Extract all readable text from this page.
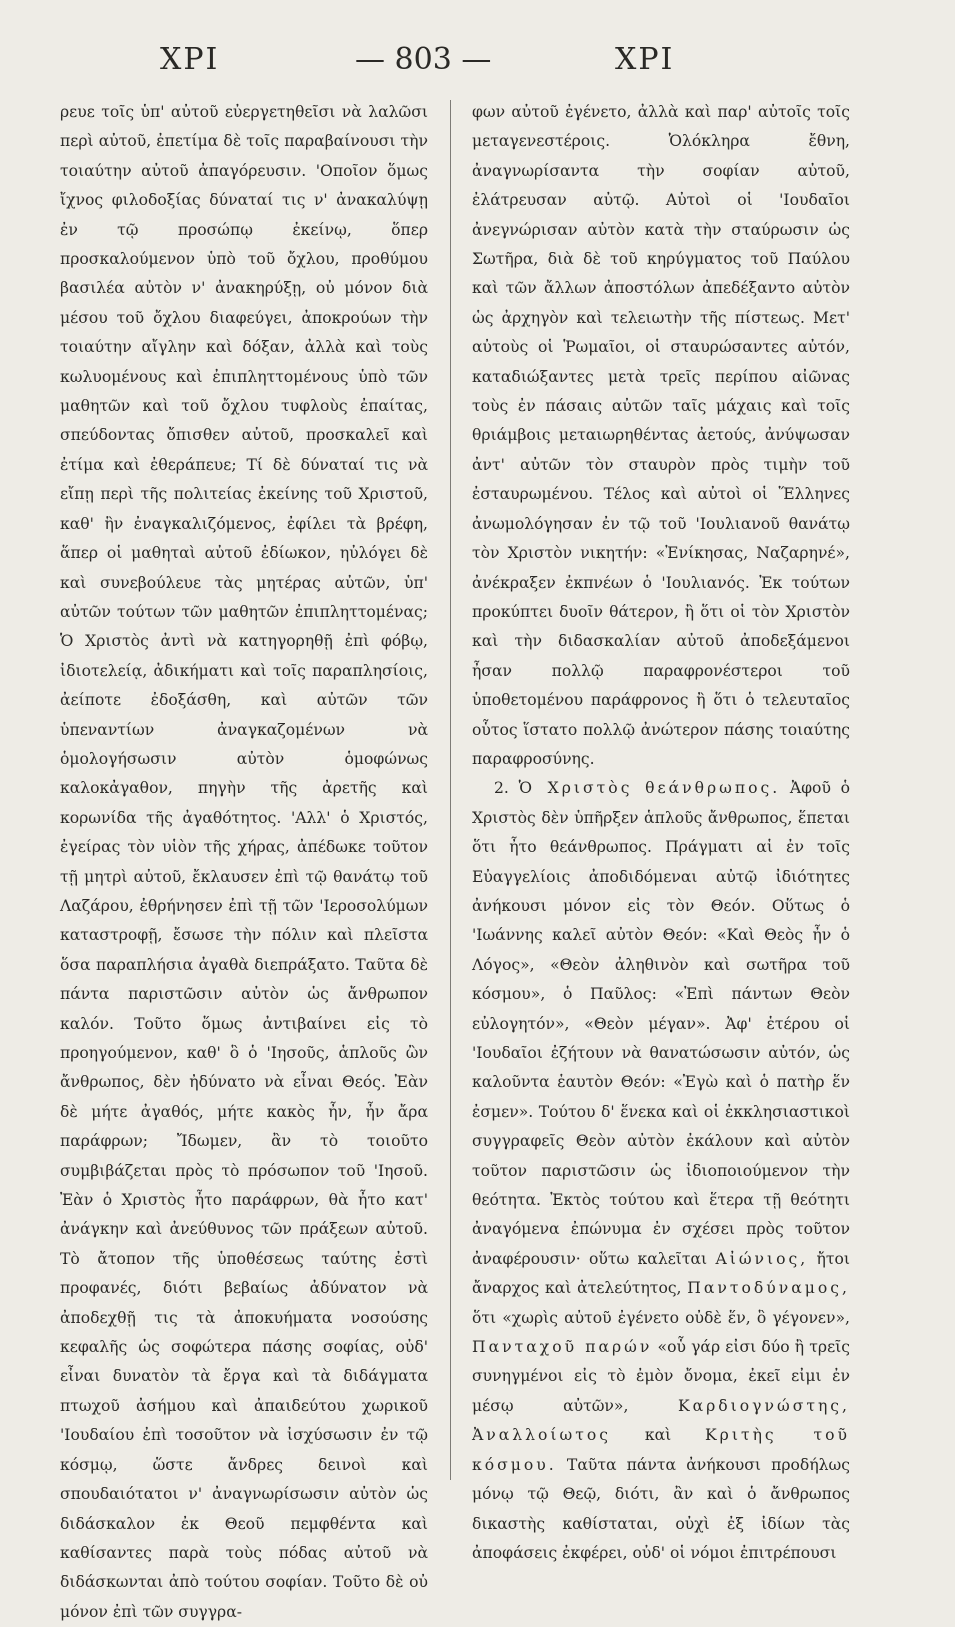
ΧΡΙ	— 803 —	ΧΡΙ

ρευε τοῖς ὑπ' αὐτοῦ εὐεργετηθεῖσι νὰ λαλῶσι περὶ αὐτοῦ, ἐπετίμα δὲ τοῖς παραβαίνουσι τὴν τοιαύτην αὐτοῦ ἀπαγόρευσιν. 'Οποῖον ὅμως ἴχνος φιλοδοξίας δύναταί τις ν' ἀνακαλύψῃ ἐν τῷ προσώπῳ ἐκείνῳ, ὅπερ προσκαλούμενον ὑπὸ τοῦ ὄχλου, προθύμου βασιλέα αὐτὸν ν' ἀνακηρύξῃ, οὐ μόνον διὰ μέσου τοῦ ὄχλου διαφεύγει, ἀποκρούων τὴν τοιαύτην αἴγλην καὶ δόξαν, ἀλλὰ καὶ τοὺς κωλυομένους καὶ ἐπιπληττομένους ὑπὸ τῶν μαθητῶν καὶ τοῦ ὄχλου τυφλοὺς ἐπαίτας, σπεύδοντας ὄπισθεν αὐτοῦ, προσκαλεῖ καὶ ἐτίμα καὶ ἐθεράπευε; Τί δὲ δύναταί τις νὰ εἴπῃ περὶ τῆς πολιτείας ἐκείνης τοῦ Χριστοῦ, καθ' ἣν ἐναγκαλιζόμενος, ἐφίλει τὰ βρέφη, ἅπερ οἱ μαθηταὶ αὐτοῦ ἐδίωκον, ηὐλόγει δὲ καὶ συνεβούλευε τὰς μητέρας αὐτῶν, ὑπ' αὐτῶν τούτων τῶν μαθητῶν ἐπιπληττομένας; Ὁ Χριστὸς ἀντὶ νὰ κατηγορηθῇ ἐπὶ φόβῳ, ἰδιοτελείᾳ, ἀδικήματι καὶ τοῖς παραπλησίοις, ἀείποτε ἐδοξάσθη, καὶ αὐτῶν τῶν ὑπεναντίων ἀναγκαζομένων νὰ ὁμολογήσωσιν αὐτὸν ὁμοφώνως καλοκἀγαθον, πηγὴν τῆς ἀρετῆς καὶ κορωνίδα τῆς ἀγαθότητος. 'Αλλ' ὁ Χριστός, ἐγείρας τὸν υἱὸν τῆς χήρας, ἀπέδωκε τοῦτον τῇ μητρὶ αὐτοῦ, ἔκλαυσεν ἐπὶ τῷ θανάτῳ τοῦ Λαζάρου, ἐθρήνησεν ἐπὶ τῇ τῶν 'Ιεροσολύμων καταστροφῇ, ἔσωσε τὴν πόλιν καὶ πλεῖστα ὅσα παραπλήσια ἀγαθὰ διεπράξατο. Ταῦτα δὲ πάντα παριστῶσιν αὐτὸν ὡς ἄνθρωπον καλόν. Τοῦτο ὅμως ἀντιβαίνει εἰς τὸ προηγούμενον, καθ' ὃ ὁ 'Ιησοῦς, ἁπλοῦς ὢν ἄνθρωπος, δὲν ἠδύνατο νὰ εἶναι Θεός. Ἐὰν δὲ μήτε ἀγαθός, μήτε κακὸς ἦν, ἦν ἄρα παράφρων; Ἴδωμεν, ἂν τὸ τοιοῦτο συμβιβάζεται πρὸς τὸ πρόσωπον τοῦ 'Ιησοῦ. Ἐὰν ὁ Χριστὸς ἦτο παράφρων, θὰ ἦτο κατ' ἀνάγκην καὶ ἀνεύθυνος τῶν πράξεων αὐτοῦ. Τὸ ἄτοπον τῆς ὑποθέσεως ταύτης ἐστὶ προφανές, διότι βεβαίως ἀδύνατον νὰ ἀποδεχθῇ τις τὰ ἀποκυήματα νοσούσης κεφαλῆς ὡς σοφώτερα πάσης σοφίας, οὐδ' εἶναι δυνατὸν τὰ ἔργα καὶ τὰ διδάγματα πτωχοῦ ἀσήμου καὶ ἀπαιδεύτου χωρικοῦ 'Ιουδαίου ἐπὶ τοσοῦτον νὰ ἰσχύσωσιν ἐν τῷ κόσμῳ, ὥστε ἄνδρες δεινοὶ καὶ σπουδαιότατοι ν' ἀναγνωρίσωσιν αὐτὸν ὡς διδάσκαλον ἐκ Θεοῦ πεμφθέντα καὶ καθίσαντες παρὰ τοὺς πόδας αὐτοῦ νὰ διδάσκωνται ἀπὸ τούτου σοφίαν. Τοῦτο δὲ οὐ μόνον ἐπὶ τῶν συγγρα-

φων αὐτοῦ ἐγένετο, ἀλλὰ καὶ παρ' αὐτοῖς τοῖς μεταγενεστέροις. Ὁλόκληρα ἔθνη, ἀναγνωρίσαντα τὴν σοφίαν αὐτοῦ, ἐλάτρευσαν αὐτῷ. Αὐτοὶ οἱ 'Ιουδαῖοι ἀνεγνώρισαν αὐτὸν κατὰ τὴν σταύρωσιν ὡς Σωτῆρα, διὰ δὲ τοῦ κηρύγματος τοῦ Παύλου καὶ τῶν ἄλλων ἀποστόλων ἀπεδέξαντο αὐτὸν ὡς ἀρχηγὸν καὶ τελειωτὴν τῆς πίστεως. Μετ' αὐτοὺς οἱ Ῥωμαῖοι, οἱ σταυρώσαντες αὐτόν, καταδιώξαντες μετὰ τρεῖς περίπου αἰῶνας τοὺς ἐν πάσαις αὐτῶν ταῖς μάχαις καὶ τοῖς θριάμβοις μεταιωρηθέντας ἀετούς, ἀνύψωσαν ἀντ' αὐτῶν τὸν σταυρὸν πρὸς τιμὴν τοῦ ἐσταυρωμένου. Τέλος καὶ αὐτοὶ οἱ Ἕλληνες ἀνωμολόγησαν ἐν τῷ τοῦ 'Ιουλιανοῦ θανάτῳ τὸν Χριστὸν νικητήν: «Ἐνίκησας, Ναζαρηνέ», ἀνέκραξεν ἐκπνέων ὁ 'Ιουλιανός. Ἐκ τούτων προκύπτει δυοῖν θάτερον, ἢ ὅτι οἱ τὸν Χριστὸν καὶ τὴν διδασκαλίαν αὐτοῦ ἀποδεξάμενοι ἦσαν πολλῷ παραφρονέστεροι τοῦ ὑποθετομένου παράφρονος ἢ ὅτι ὁ τελευταῖος οὗτος ἵστατο πολλῷ ἀνώτερον πάσης τοιαύτης παραφροσύνης.

2. Ὁ Χριστὸς θεάνθρωπος. Ἀφοῦ ὁ Χριστὸς δὲν ὑπῆρξεν ἁπλοῦς ἄνθρωπος, ἕπεται ὅτι ἦτο θεάνθρωπος. Πράγματι αἱ ἐν τοῖς Εὐαγγελίοις ἀποδιδόμεναι αὐτῷ ἰδιότητες ἀνήκουσι μόνον εἰς τὸν Θεόν. Οὕτως ὁ 'Ιωάννης καλεῖ αὐτὸν Θεόν: «Καὶ Θεὸς ἦν ὁ Λόγος», «Θεὸν ἀληθινὸν καὶ σωτῆρα τοῦ κόσμου», ὁ Παῦλος: «Ἐπὶ πάντων Θεὸν εὐλογητόν», «Θεὸν μέγαν». Ἀφ' ἑτέρου οἱ 'Ιουδαῖοι ἐζήτουν νὰ θανατώσωσιν αὐτόν, ὡς καλοῦντα ἑαυτὸν Θεόν: «Ἐγὼ καὶ ὁ πατὴρ ἕν ἐσμεν». Τούτου δ' ἕνεκα καὶ οἱ ἐκκλησιαστικοὶ συγγραφεῖς Θεὸν αὐτὸν ἐκάλουν καὶ αὐτὸν τοῦτον παριστῶσιν ὡς ἰδιοποιούμενον τὴν θεότητα. Ἐκτὸς τούτου καὶ ἕτερα τῇ θεότητι ἀναγόμενα ἐπώνυμα ἐν σχέσει πρὸς τοῦτον ἀναφέρουσιν· οὕτω καλεῖται Αἰώνιος, ἤτοι ἄναρχος καὶ ἀτελεύτητος, Παντοδύναμος, ὅτι «χωρὶς αὐτοῦ ἐγένετο οὐδὲ ἕν, ὃ γέγονεν», Πανταχοῦ παρών «οὗ γάρ εἰσι δύο ἢ τρεῖς συνηγμένοι εἰς τὸ ἐμὸν ὄνομα, ἐκεῖ εἰμι ἐν μέσῳ αὐτῶν»,	Καρδιογνώστης, Ἀναλλοίωτος καὶ Κριτὴς τοῦ κόσμου. Ταῦτα πάντα ἀνήκουσι προδήλως μόνῳ τῷ Θεῷ, διότι, ἂν καὶ ὁ ἄνθρωπος δικαστὴς καθίσταται, οὐχὶ ἐξ ἰδίων τὰς ἀποφάσεις ἐκφέρει, οὐδ' οἱ νόμοι ἐπιτρέπουσι
